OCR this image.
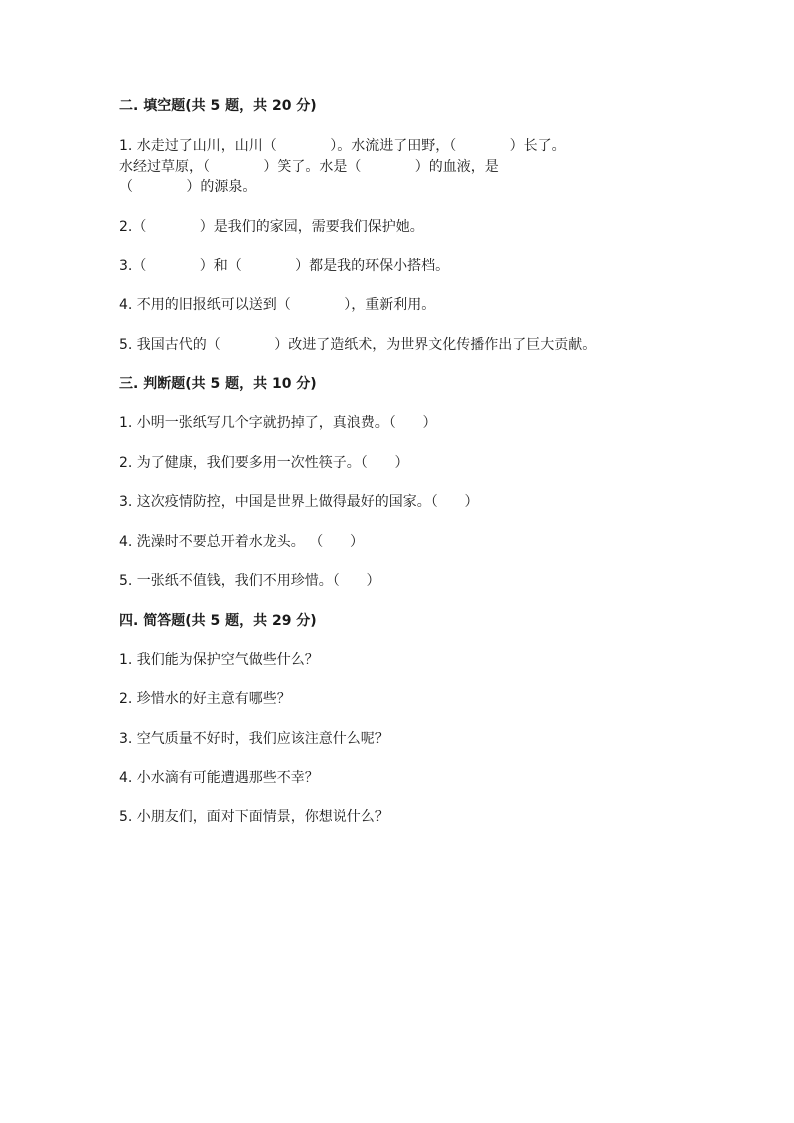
二. 填空题(共 5 题，共 20 分)
1. 水走过了山川，山川（            ）。水流进了田野，（            ）长了。
水经过草原，（            ）笑了。水是（            ）的血液，是
（            ）的源泉。
2.（            ）是我们的家园，需要我们保护她。
3.（            ）和（            ）都是我的环保小搭档。
4. 不用的旧报纸可以送到（            ），重新利用。
5. 我国古代的（            ）改进了造纸术，为世界文化传播作出了巨大贡献。
三. 判断题(共 5 题，共 10 分)
1. 小明一张纸写几个字就扔掉了，真浪费。（      ）
2. 为了健康，我们要多用一次性筷子。（      ）
3. 这次疫情防控，中国是世界上做得最好的国家。（      ）
4. 洗澡时不要总开着水龙头。 （      ）
5. 一张纸不值钱，我们不用珍惜。（      ）
四. 简答题(共 5 题，共 29 分)
1. 我们能为保护空气做些什么？
2. 珍惜水的好主意有哪些？
3. 空气质量不好时，我们应该注意什么呢？
4. 小水滴有可能遭遇那些不幸？
5. 小朋友们，面对下面情景，你想说什么？
